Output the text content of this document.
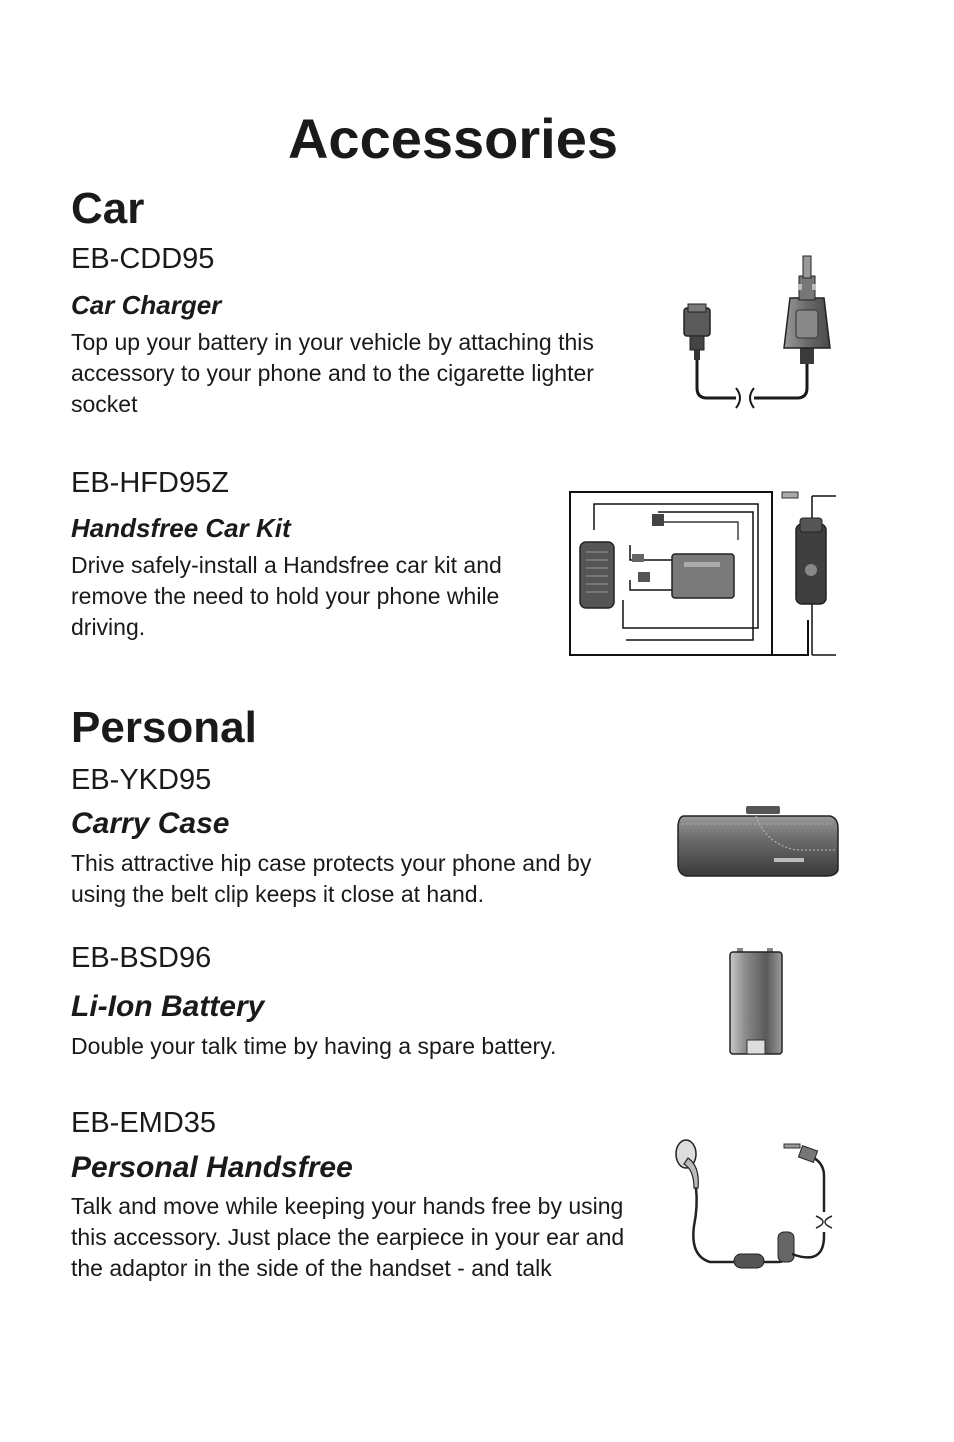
Accessories
Car
EB-CDD95
Car Charger
Top up your battery in your vehicle by attaching this accessory to your phone and to the cigarette lighter socket
EB-HFD95Z
Handsfree Car Kit
Drive safely-install a Handsfree car kit and remove the need to hold your phone while driving.
Personal
EB-YKD95
Carry Case
This attractive hip case protects your phone and by using the belt clip keeps it close at hand.
EB-BSD96
Li-Ion Battery
Double your talk time by having a spare battery.
EB-EMD35
Personal Handsfree
Talk and move while keeping your hands free by using this accessory. Just place the earpiece in your ear and the adaptor in the side of the handset - and talk
